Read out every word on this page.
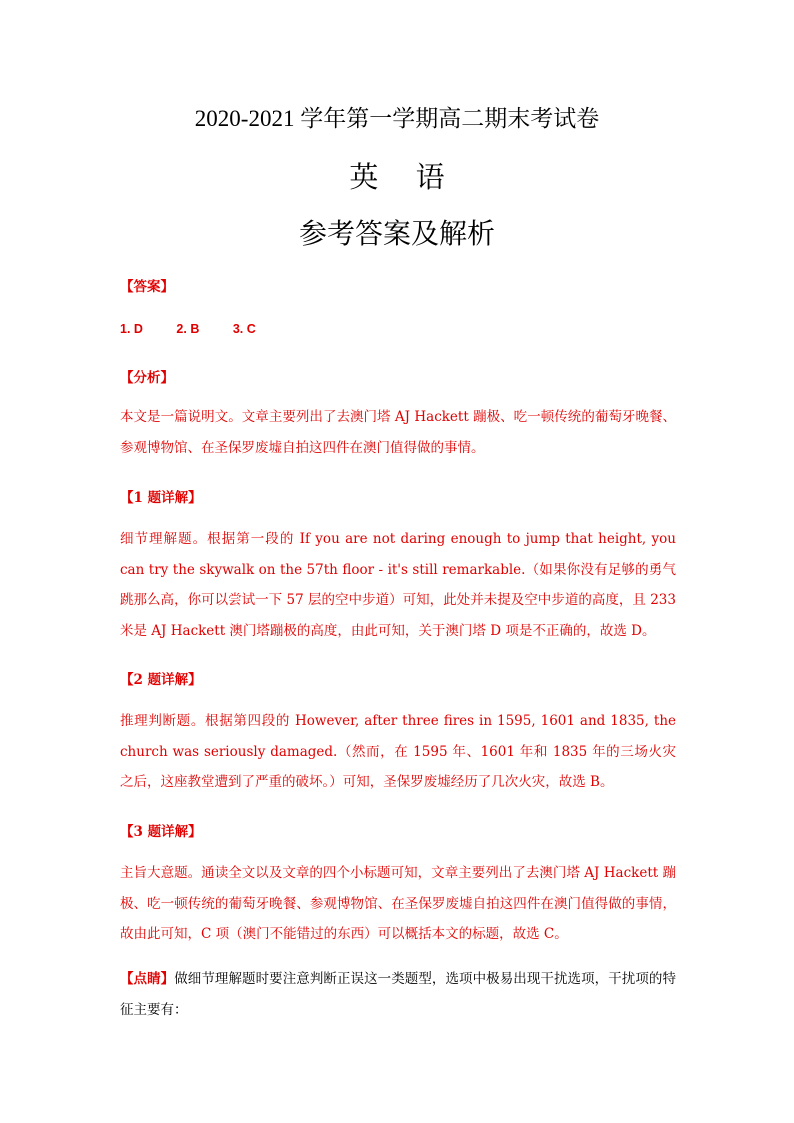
2020-2021 学年第一学期高二期末考试卷
英 语
参考答案及解析
【答案】
1. D	2. B	3. C
【分析】
本文是一篇说明文。文章主要列出了去澳门塔 AJ Hackett 蹦极、吃一顿传统的葡萄牙晚餐、参观博物馆、在圣保罗废墟自拍这四件在澳门值得做的事情。
【1 题详解】
细节理解题。根据第一段的 If you are not daring enough to jump that height, you can try the skywalk on the 57th floor - it's still remarkable.（如果你没有足够的勇气跳那么高，你可以尝试一下 57 层的空中步道）可知，此处并未提及空中步道的高度，且 233 米是 AJ Hackett 澳门塔蹦极的高度，由此可知，关于澳门塔 D 项是不正确的，故选 D。
【2 题详解】
推理判断题。根据第四段的 However, after three fires in 1595, 1601 and 1835, the church was seriously damaged.（然而，在 1595 年、1601 年和 1835 年的三场火灾之后，这座教堂遭到了严重的破坏。）可知，圣保罗废墟经历了几次火灾，故选 B。
【3 题详解】
主旨大意题。通读全文以及文章的四个小标题可知，文章主要列出了去澳门塔 AJ Hackett 蹦极、吃一顿传统的葡萄牙晚餐、参观博物馆、在圣保罗废墟自拍这四件在澳门值得做的事情，故由此可知，C 项（澳门不能错过的东西）可以概括本文的标题，故选 C。
【点睛】做细节理解题时要注意判断正误这一类题型，选项中极易出现干扰选项，干扰项的特征主要有：
